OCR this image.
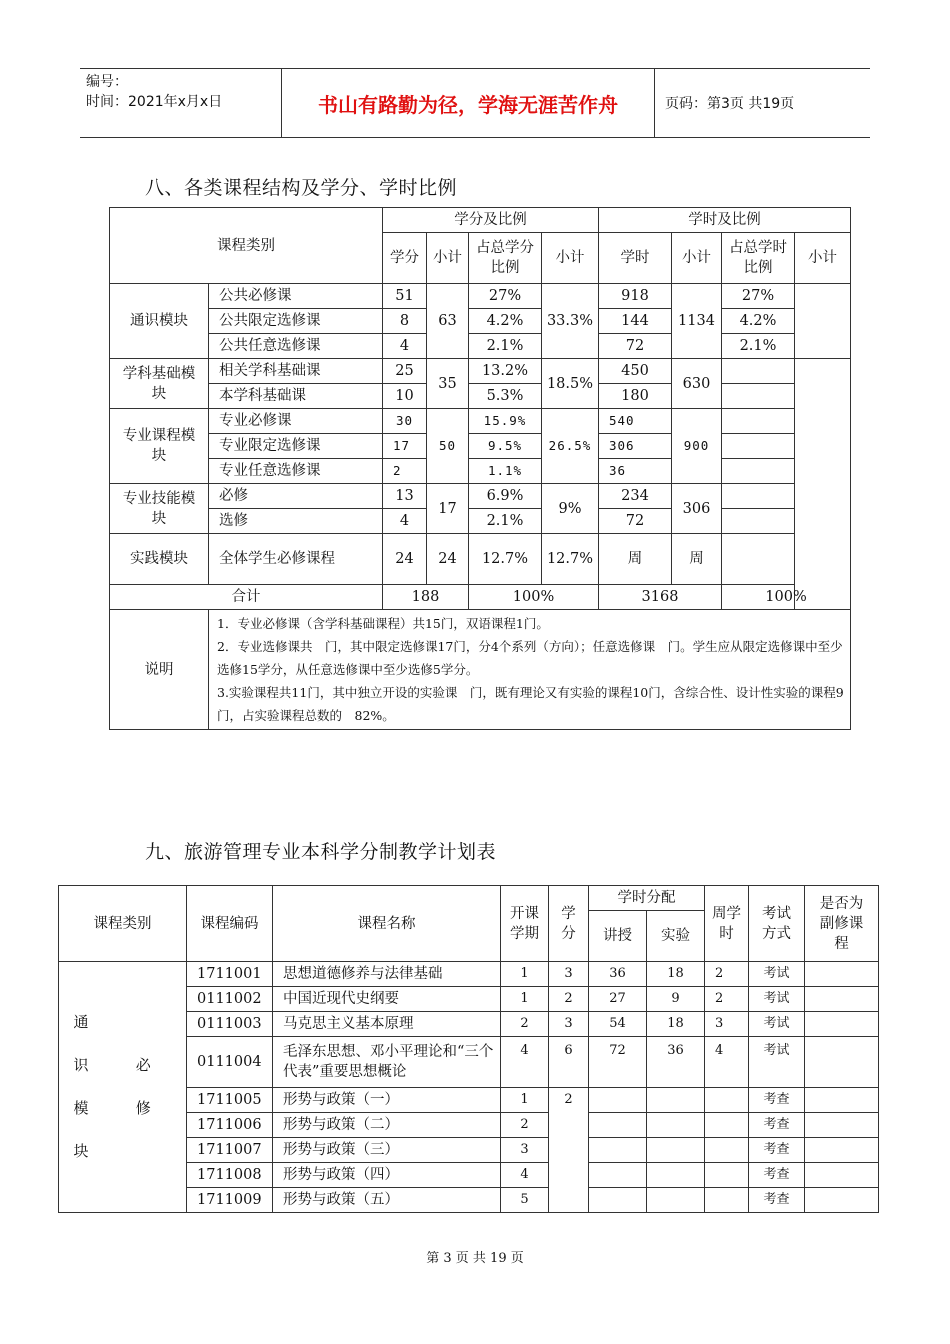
编号：
时间：2021年x月x日	书山有路勤为径，学海无涯苦作舟	页码：第3页 共19页
八、各类课程结构及学分、学时比例
课程类别		学分及比例				学时及比例			
		学分	小计	占总学分比例	小计	学时	小计	占总学时比例	小计
通识模块	公共必修课	51	63	27%	33.3%	918	1134	27%	
	公共限定选修课	8		4.2%		144		4.2%	
	公共任意选修课	4		2.1%		72		2.1%	
学科基础模块	相关学科基础课	25	35	13.2%	18.5%	450	630		
	本学科基础课	10		5.3%		180			
专业课程模块	专业必修课	30	50	15.9%	26.5%	540	900		
	专业限定选修课	17		9.5%		306			
	专业任意选修课	2		1.1%		36			
专业技能模块	必修	13	17	6.9%	9%	234	306		
	选修	4		2.1%		72			
实践模块	全体学生必修课程	24	24	12.7%	12.7%	周	周		
合计		188		100%		3168		100%	
说明	1．专业必修课（含学科基础课程）共15门，双语课程1门。
2．专业选修课共　门，其中限定选修课17门，分4个系列（方向）；任意选修课　门。学生应从限定选修课中至少选修15学分，从任意选修课中至少选修5学分。
3.实验课程共11门，其中独立开设的实验课　门，既有理论又有实验的课程10门，含综合性、设计性实验的课程9 门，占实验课程总数的　82%。								
九、旅游管理专业本科学分制教学计划表
课程类别		课程编码	课程名称	开课学期	学分	学时分配		周学时	考试方式	是否为副修课程
						讲授	实验			

通识模块	必修	1711001	思想道德修养与法律基础	1	3	36	18	2	考试	
		0111002	中国近现代史纲要	1	2	27	9	2	考试	
		0111003	马克思主义基本原理	2	3	54	18	3	考试	
		0111004	毛泽东思想、邓小平理论和“三个代表”重要思想概论	4	6	72	36	4	考试	
		1711005	形势与政策（一）	1	2				考查	
		1711006	形势与政策（二）	2					考查	
		1711007	形势与政策（三）	3					考查	
		1711008	形势与政策（四）	4					考查	
		1711009	形势与政策（五）	5					考查	
第 3 页 共 19 页
